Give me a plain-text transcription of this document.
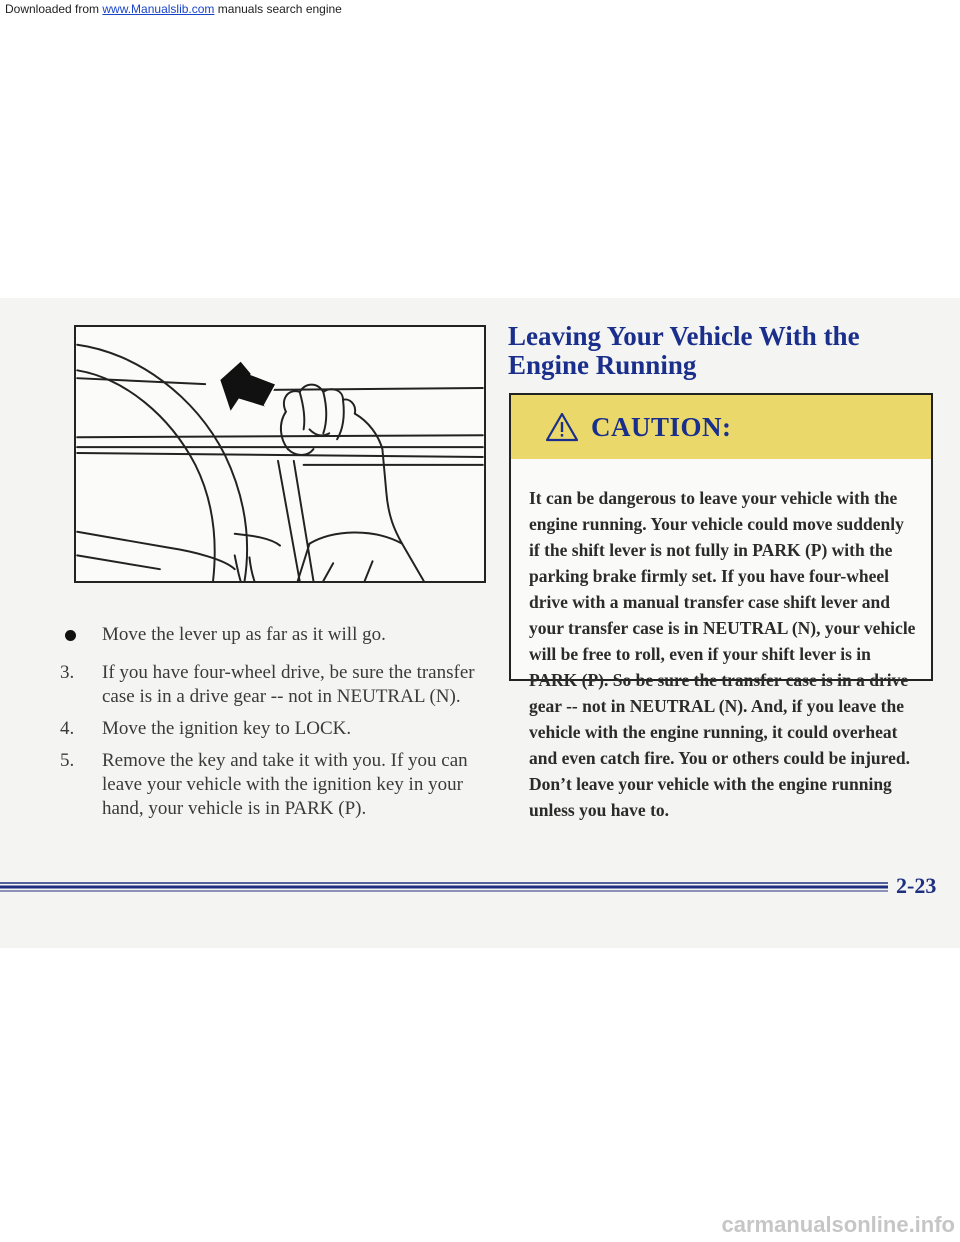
Downloaded from www.Manualslib.com manuals search engine
Move the lever up as far as it will go.
3. If you have four-wheel drive, be sure the transfer case is in a drive gear -- not in NEUTRAL (N).
4. Move the ignition key to LOCK.
5. Remove the key and take it with you. If you can leave your vehicle with the ignition key in your hand, your vehicle is in PARK (P).
Leaving Your Vehicle With the
Engine Running
CAUTION:
It can be dangerous to leave your vehicle with the engine running. Your vehicle could move suddenly if the shift lever is not fully in PARK (P) with the parking brake firmly set. If you have four-wheel drive with a manual transfer case shift lever and your transfer case is in NEUTRAL (N), your vehicle will be free to roll, even if your shift lever is in PARK (P). So be sure the transfer case is in a drive gear -- not in NEUTRAL (N). And, if you leave the vehicle with the engine running, it could overheat and even catch fire. You or others could be injured. Don’t leave your vehicle with the engine running unless you have to.
2-23
carmanualsonline.info
